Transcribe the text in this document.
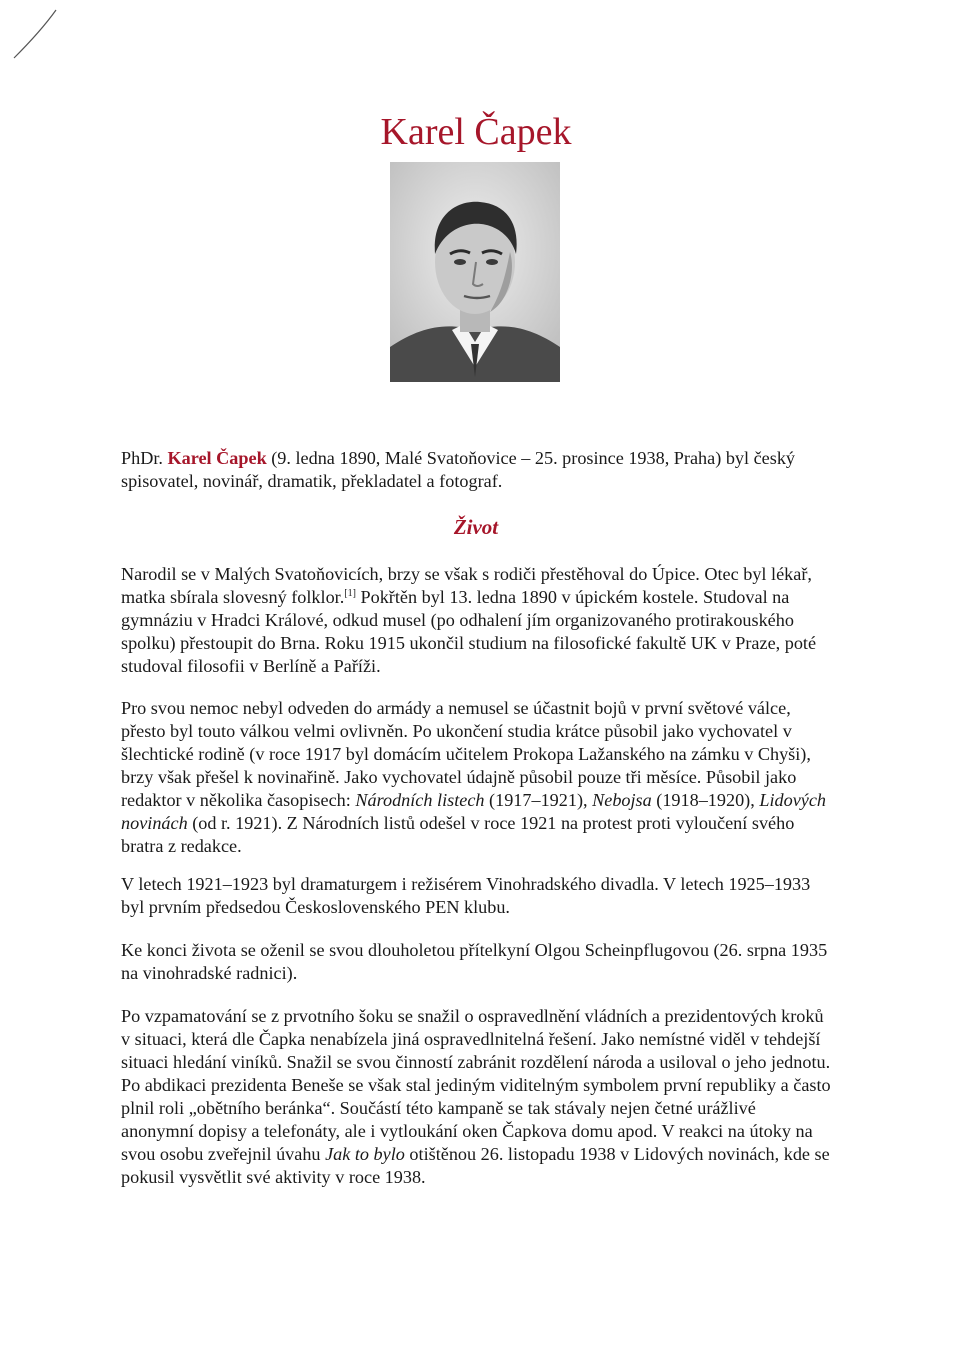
Karel Čapek

PhDr. Karel Čapek (9. ledna 1890, Malé Svatoňovice – 25. prosince 1938, Praha) byl český spisovatel, novinář, dramatik, překladatel a fotograf.

Život

Narodil se v Malých Svatoňovicích, brzy se však s rodiči přestěhoval do Úpice. Otec byl lékař, matka sbírala slovesný folklor.[1] Pokřtěn byl 13. ledna 1890 v úpickém kostele. Studoval na gymnáziu v Hradci Králové, odkud musel (po odhalení jím organizovaného protirakouského spolku) přestoupit do Brna. Roku 1915 ukončil studium na filosofické fakultě UK v Praze, poté studoval filosofii v Berlíně a Paříži.

Pro svou nemoc nebyl odveden do armády a nemusel se účastnit bojů v první světové válce, přesto byl touto válkou velmi ovlivněn. Po ukončení studia krátce působil jako vychovatel v šlechtické rodině (v roce 1917 byl domácím učitelem Prokopa Lažanského na zámku v Chyši), brzy však přešel k novinařině. Jako vychovatel údajně působil pouze tři měsíce. Působil jako redaktor v několika časopisech: Národních listech (1917–1921), Nebojsa (1918–1920), Lidových novinách (od r. 1921). Z Národních listů odešel v roce 1921 na protest proti vyloučení svého bratra z redakce.

V letech 1921–1923 byl dramaturgem i režisérem Vinohradského divadla. V letech 1925–1933 byl prvním předsedou Československého PEN klubu.

Ke konci života se oženil se svou dlouholetou přítelkyní Olgou Scheinpflugovou (26. srpna 1935 na vinohradské radnici).

Po vzpamatování se z prvotního šoku se snažil o ospravedlnění vládních a prezidentových kroků v situaci, která dle Čapka nenabízela jiná ospravedlnitelná řešení. Jako nemístné viděl v tehdejší situaci hledání viníků. Snažil se svou činností zabránit rozdělení národa a usiloval o jeho jednotu. Po abdikaci prezidenta Beneše se však stal jediným viditelným symbolem první republiky a často plnil roli „obětního beránka“. Součástí této kampaně se tak stávaly nejen četné urážlivé anonymní dopisy a telefonáty, ale i vytloukání oken Čapkova domu apod. V reakci na útoky na svou osobu zveřejnil úvahu Jak to bylo otištěnou 26. listopadu 1938 v Lidových novinách, kde se pokusil vysvětlit své aktivity v roce 1938.
